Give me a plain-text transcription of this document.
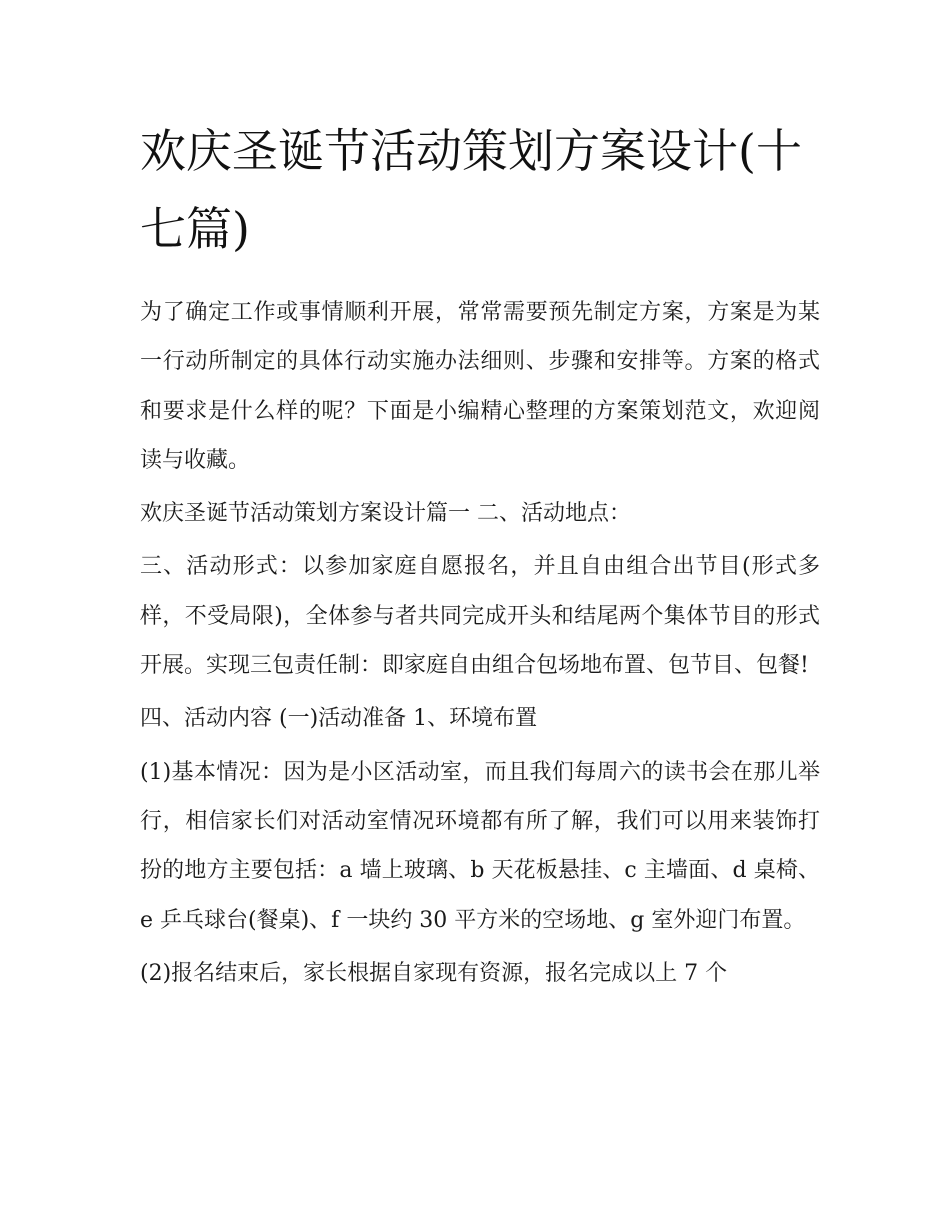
欢庆圣诞节活动策划方案设计(十七篇)

为了确定工作或事情顺利开展，常常需要预先制定方案，方案是为某一行动所制定的具体行动实施办法细则、步骤和安排等。方案的格式和要求是什么样的呢？下面是小编精心整理的方案策划范文，欢迎阅读与收藏。

欢庆圣诞节活动策划方案设计篇一 二、活动地点：

三、活动形式：以参加家庭自愿报名，并且自由组合出节目(形式多样，不受局限)，全体参与者共同完成开头和结尾两个集体节目的形式开展。实现三包责任制：即家庭自由组合包场地布置、包节目、包餐!

四、活动内容 (一)活动准备 1、环境布置

(1)基本情况：因为是小区活动室，而且我们每周六的读书会在那儿举行，相信家长们对活动室情况环境都有所了解，我们可以用来装饰打扮的地方主要包括：a 墙上玻璃、b 天花板悬挂、c 主墙面、d 桌椅、e 乒乓球台(餐桌)、f 一块约 30 平方米的空场地、g 室外迎门布置。

(2)报名结束后，家长根据自家现有资源，报名完成以上 7 个
